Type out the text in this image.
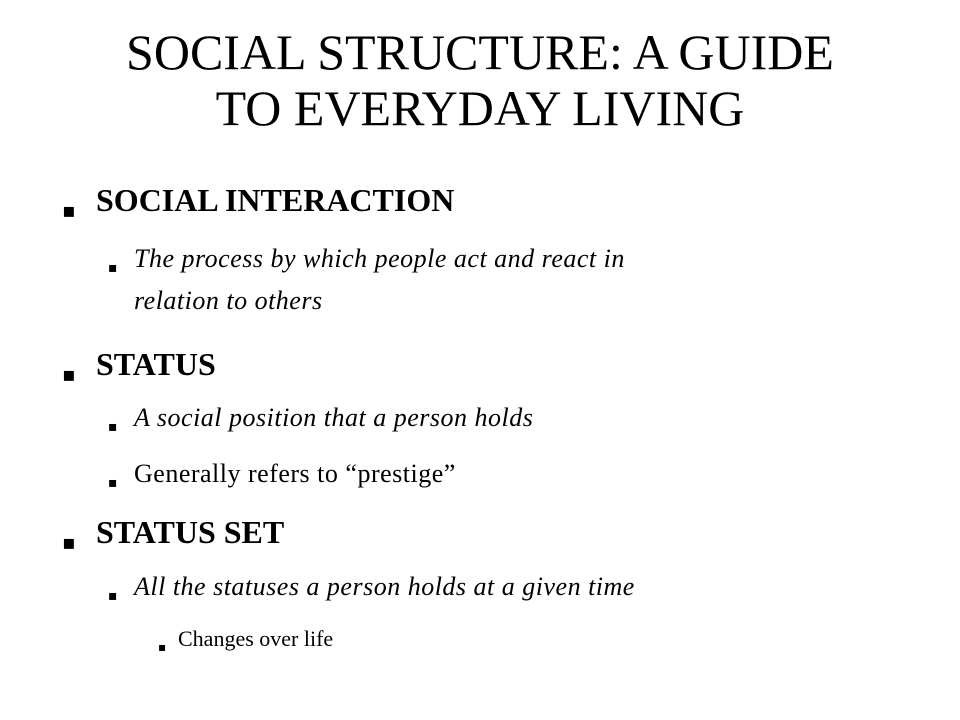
SOCIAL STRUCTURE: A GUIDE
TO EVERYDAY LIVING
▪ SOCIAL INTERACTION
▪ The process by which people act and react in
relation to others
▪ STATUS
▪ A social position that a person holds
▪ Generally refers to “prestige”
▪ STATUS SET
▪ All the statuses a person holds at a given time
▪ Changes over life
